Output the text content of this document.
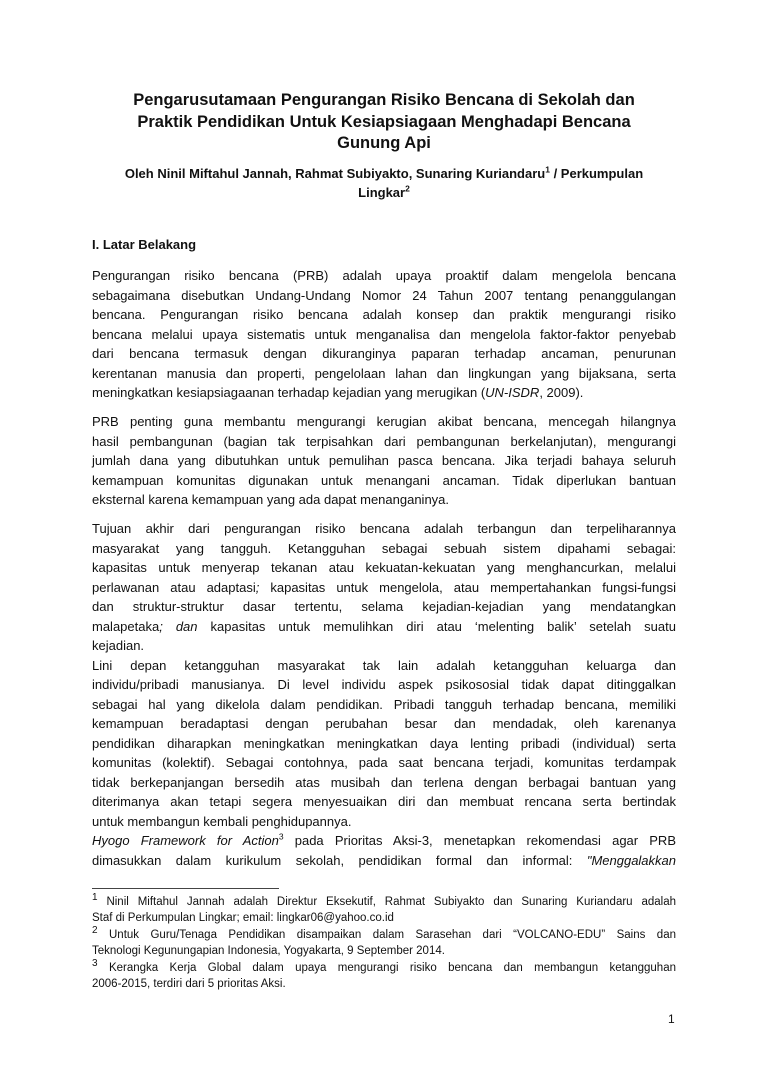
Pengarusutamaan Pengurangan Risiko Bencana di Sekolah dan
Praktik Pendidikan Untuk Kesiapsiagaan Menghadapi Bencana
Gunung Api
Oleh Ninil Miftahul Jannah, Rahmat Subiyakto, Sunaring Kuriandaru$^1$ / Perkumpulan
Lingkar$^2$
I. Latar Belakang
Pengurangan risiko bencana (PRB) adalah upaya proaktif dalam mengelola bencana
sebagaimana disebutkan Undang-Undang Nomor 24 Tahun 2007 tentang penanggulangan
bencana. Pengurangan risiko bencana adalah konsep dan praktik mengurangi risiko
bencana melalui upaya sistematis untuk menganalisa dan mengelola faktor-faktor penyebab
dari bencana termasuk dengan dikuranginya paparan terhadap ancaman, penurunan
kerentanan manusia dan properti, pengelolaan lahan dan lingkungan yang bijaksana, serta
meningkatkan kesiapsiagaanan terhadap kejadian yang merugikan (UN-ISDR, 2009).
PRB penting guna membantu mengurangi kerugian akibat bencana, mencegah hilangnya
hasil pembangunan (bagian tak terpisahkan dari pembangunan berkelanjutan), mengurangi
jumlah dana yang dibutuhkan untuk pemulihan pasca bencana. Jika terjadi bahaya seluruh
kemampuan komunitas digunakan untuk menangani ancaman. Tidak diperlukan bantuan
eksternal karena kemampuan yang ada dapat menanganinya.
Tujuan akhir dari pengurangan risiko bencana adalah terbangun dan terpeliharannya
masyarakat yang tangguh. Ketangguhan sebagai sebuah sistem dipahami sebagai:
kapasitas untuk menyerap tekanan atau kekuatan-kekuatan yang menghancurkan, melalui
perlawanan atau adaptasi; kapasitas untuk mengelola, atau mempertahankan fungsi-fungsi
dan struktur-struktur dasar tertentu, selama kejadian-kejadian yang mendatangkan
malapetaka; dan kapasitas untuk memulihkan diri atau ‘melenting balik’ setelah suatu
kejadian.
Lini depan ketangguhan masyarakat tak lain adalah ketangguhan keluarga dan
individu/pribadi manusianya. Di level individu aspek psikososial tidak dapat ditinggalkan
sebagai hal yang dikelola dalam pendidikan. Pribadi tangguh terhadap bencana, memiliki
kemampuan beradaptasi dengan perubahan besar dan mendadak, oleh karenanya
pendidikan diharapkan meningkatkan meningkatkan daya lenting pribadi (individual) serta
komunitas (kolektif). Sebagai contohnya, pada saat bencana terjadi, komunitas terdampak
tidak berkepanjangan bersedih atas musibah dan terlena dengan berbagai bantuan yang
diterimanya akan tetapi segera menyesuaikan diri dan membuat rencana serta bertindak
untuk membangun kembali penghidupannya.
Hyogo Framework for Action$^3$ pada Prioritas Aksi-3, menetapkan rekomendasi agar PRB
dimasukkan dalam kurikulum sekolah, pendidikan formal dan informal: "Menggalakkan
$^1$ Ninil Miftahul Jannah adalah Direktur Eksekutif, Rahmat Subiyakto dan Sunaring Kuriandaru adalah
Staf di Perkumpulan Lingkar; email: lingkar06@yahoo.co.id
$^2$ Untuk Guru/Tenaga Pendidikan disampaikan dalam Sarasehan dari “VOLCANO-EDU” Sains dan
Teknologi Kegunungapian Indonesia, Yogyakarta, 9 September 2014.
$^3$ Kerangka Kerja Global dalam upaya mengurangi risiko bencana dan membangun ketangguhan
2006-2015, terdiri dari 5 prioritas Aksi.
1
